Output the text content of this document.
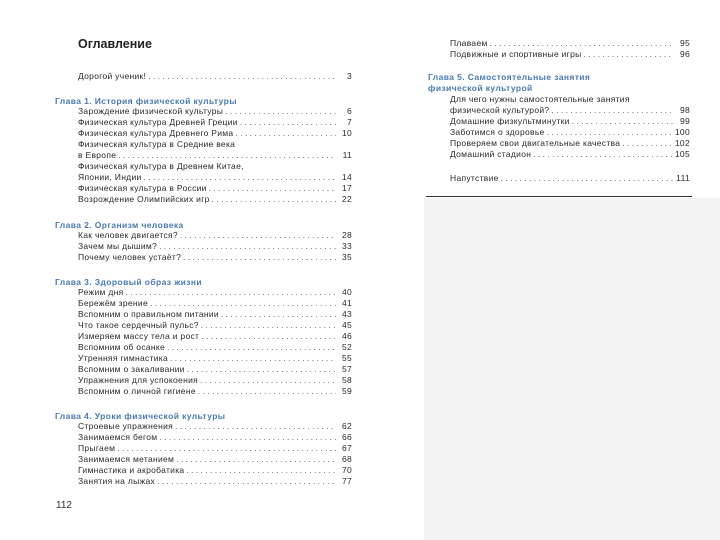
Оглавление
Дорогой ученик! . . .	3
Глава 1. История физической культуры
Зарождение физической культуры . . .	6
Физическая культура Древней Греции . . .	7
Физическая культура Древнего Рима . . .	10
Физическая культура в Средние века
в Европе . . .	11
Физическая культура в Древнем Китае,
Японии, Индии . . .	14
Физическая культура в России . . .	17
Возрождение Олимпийских игр . . .	22
Глава 2. Организм человека
Как человек двигается? . . .	28
Зачем мы дышим? . . .	33
Почему человек устаёт? . . .	35
Глава 3. Здоровый образ жизни
Режим дня . . .	40
Бережём зрение . . .	41
Вспомним о правильном питании . . .	43
Что такое сердечный пульс? . . .	45
Измеряем массу тела и рост . . .	46
Вспомним об осанке . . .	52
Утренняя гимнастика . . .	55
Вспомним о закаливании . . .	57
Упражнения для успокоения . . .	58
Вспомним о личной гигиене . . .	59
Глава 4. Уроки физической культуры
Строевые упражнения . . .	62
Занимаемся бегом . . .	66
Прыгаем . . .	67
Занимаемся метанием . . .	68
Гимнастика и акробатика . . .	70
Занятия на лыжах . . .	77
112
Плаваем . . .	95
Подвижные и спортивные игры . . .	96
Глава 5. Самостоятельные занятия
физической культурой
Для чего нужны самостоятельные занятия
физической культурой? . . .	98
Домашние физкультминутки . . .	99
Заботимся о здоровье . . .	100
Проверяем свои двигательные качества . . .	102
Домашний стадион . . .	105
Напутствие . . .	111
